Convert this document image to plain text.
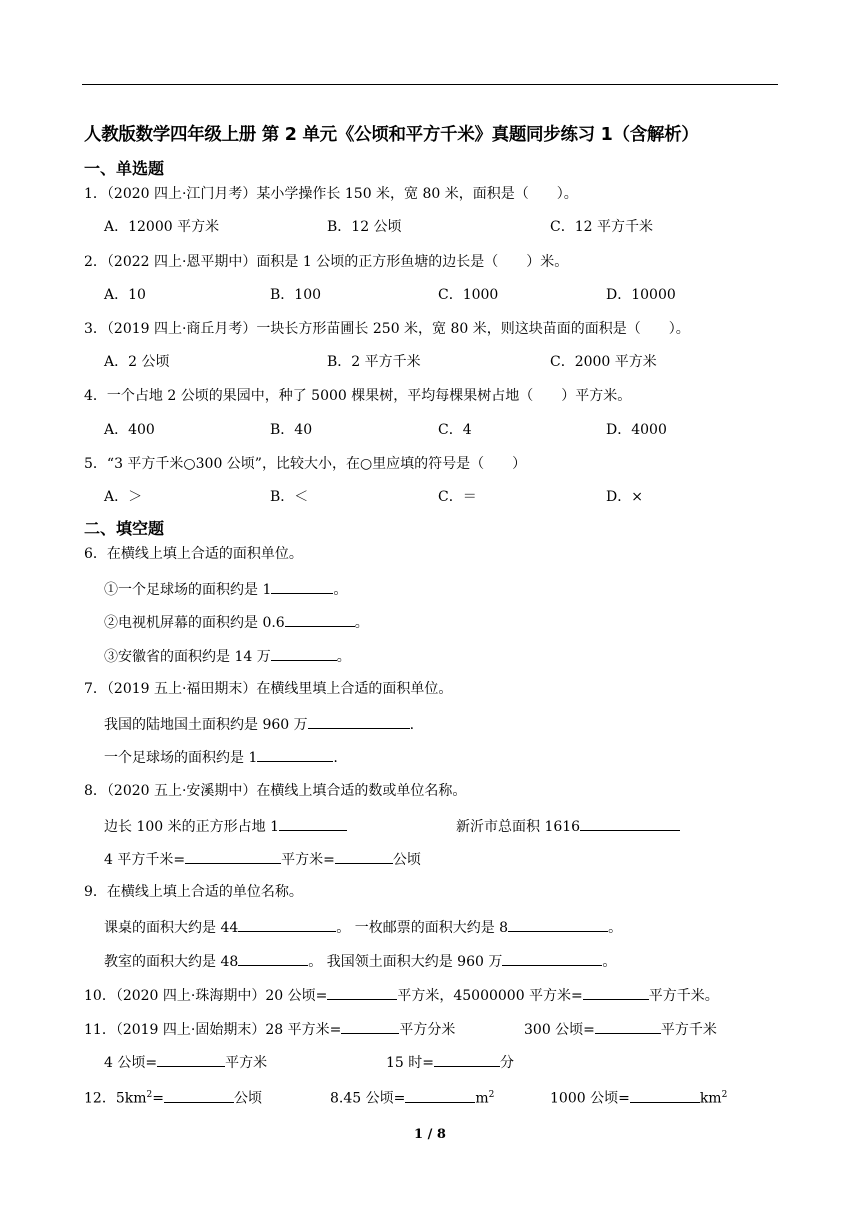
人教版数学四年级上册 第 2 单元《公顷和平方千米》真题同步练习 1（含解析）
一、单选题
1．（2020 四上·江门月考）某小学操作长 150 米，宽 80 米，面积是（　　）。
A．12000 平方米	B．12 公顷	C．12 平方千米
2．（2022 四上·恩平期中）面积是 1 公顷的正方形鱼塘的边长是（　　）米。
A．10	B．100	C．1000	D．10000
3．（2019 四上·商丘月考）一块长方形苗圃长 250 米，宽 80 米，则这块苗面的面积是（　　）。
A．2 公顷	B．2 平方千米	C．2000 平方米
4．一个占地 2 公顷的果园中，种了 5000 棵果树，平均每棵果树占地（　　）平方米。
A．400	B．40	C．4	D．4000
5．“3 平方千米○300 公顷”，比较大小，在○里应填的符号是（　　）
A．＞	B．＜	C．＝	D．×
二、填空题
6．在横线上填上合适的面积单位。
①一个足球场的面积约是 1	。
②电视机屏幕的面积约是 0.6	。
③安徽省的面积约是 14 万	。
7．（2019 五上·福田期末）在横线里填上合适的面积单位。
我国的陆地国土面积约是 960 万	.
一个足球场的面积约是 1	.
8．（2020 五上·安溪期中）在横线上填合适的数或单位名称。
边长 100 米的正方形占地 1	新沂市总面积 1616
4 平方千米=	平方米=	公顷
9．在横线上填上合适的单位名称。
课桌的面积大约是 44	。 一枚邮票的面积大约是 8	。
教室的面积大约是 48	。 我国领土面积大约是 960 万	。
10．（2020 四上·珠海期中）20 公顷=	平方米，45000000 平方米=	平方千米。
11．（2019 四上·固始期末）28 平方米=	平方分米	300 公顷=	平方千米
4 公顷=	平方米	15 时=	分
12．$5km^2=$	公顷	8.45 公顷=	$m^2$	1000 公顷=	$km^2$
1 / 8
